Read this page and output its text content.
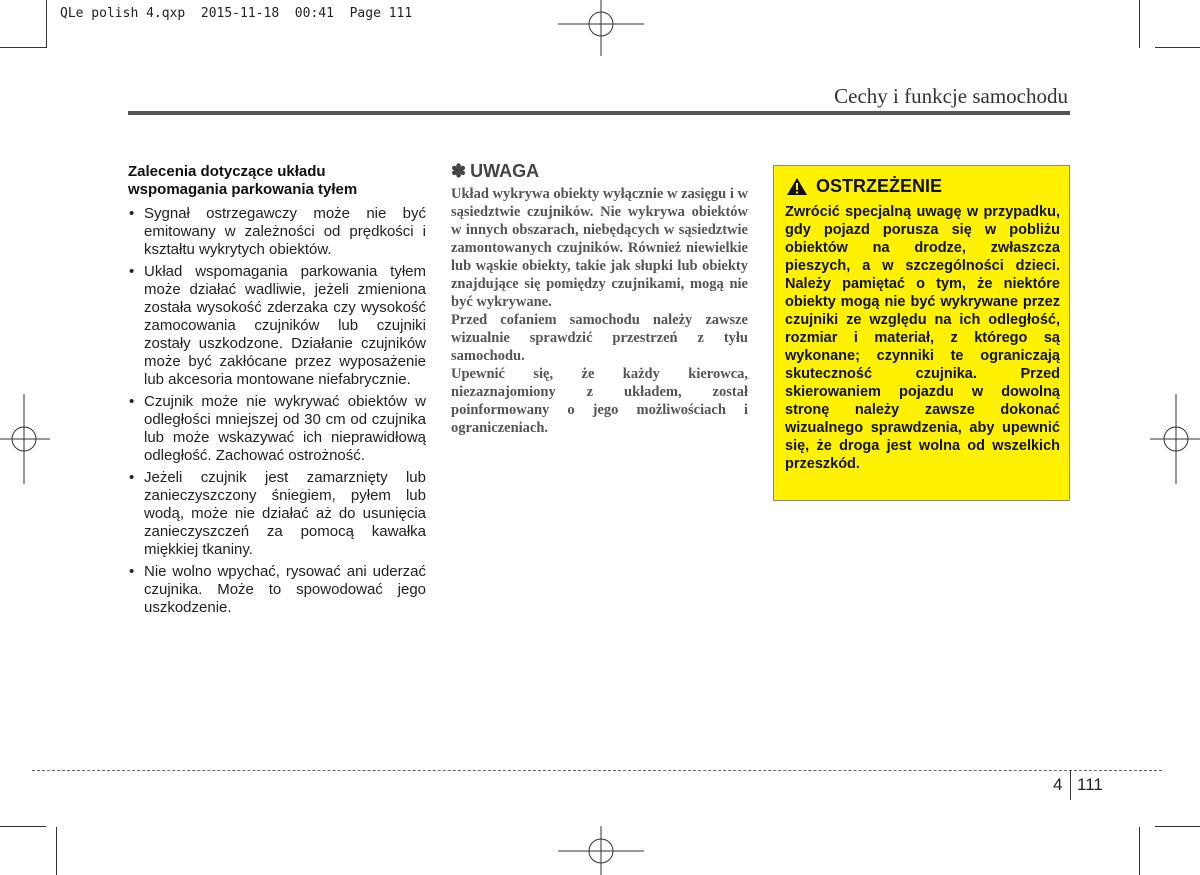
QLe polish 4.qxp  2015-11-18  00:41  Page 111
Cechy i funkcje samochodu
Zalecenia dotyczące układu wspomagania parkowania tyłem
• Sygnał ostrzegawczy może nie być emitowany w zależności od prędkości i kształtu wykrytych obiektów.
• Układ wspomagania parkowania tyłem może działać wadliwie, jeżeli zmieniona została wysokość zderzaka czy wysokość zamocowania czujników lub czujniki zostały uszkodzone. Działanie czujników może być zakłócane przez wyposażenie lub akcesoria montowane niefabrycznie.
• Czujnik może nie wykrywać obiektów w odległości mniejszej od 30 cm od czujnika lub może wskazywać ich nieprawidłową odległość. Zachować ostrożność.
• Jeżeli czujnik jest zamarznięty lub zanieczyszczony śniegiem, pyłem lub wodą, może nie działać aż do usunięcia zanieczyszczeń za pomocą kawałka miękkiej tkaniny.
• Nie wolno wpychać, rysować ani uderzać czujnika. Może to spowodować jego uszkodzenie.
✽ UWAGA

Układ wykrywa obiekty wyłącznie w zasięgu i w sąsiedztwie czujników. Nie wykrywa obiektów w innych obszarach, niebędących w sąsiedztwie zamontowanych czujników. Również niewielkie lub wąskie obiekty, takie jak słupki lub obiekty znajdujące się pomiędzy czujnikami, mogą nie być wykrywane.

Przed cofaniem samochodu należy zawsze wizualnie sprawdzić przestrzeń z tyłu samochodu.

Upewnić się, że każdy kierowca, niezaznajomiony z układem, został poinformowany o jego możliwościach i ograniczeniach.

OSTRZEŻENIE

Zwrócić specjalną uwagę w przypadku, gdy pojazd porusza się w pobliżu obiektów na drodze, zwłaszcza pieszych, a w szczególności dzieci. Należy pamiętać o tym, że niektóre obiekty mogą nie być wykrywane przez czujniki ze względu na ich odległość, rozmiar i materiał, z którego są wykonane; czynniki te ograniczają skuteczność czujnika. Przed skierowaniem pojazdu w dowolną stronę należy zawsze dokonać wizualnego sprawdzenia, aby upewnić się, że droga jest wolna od wszelkich przeszkód.

4 111
